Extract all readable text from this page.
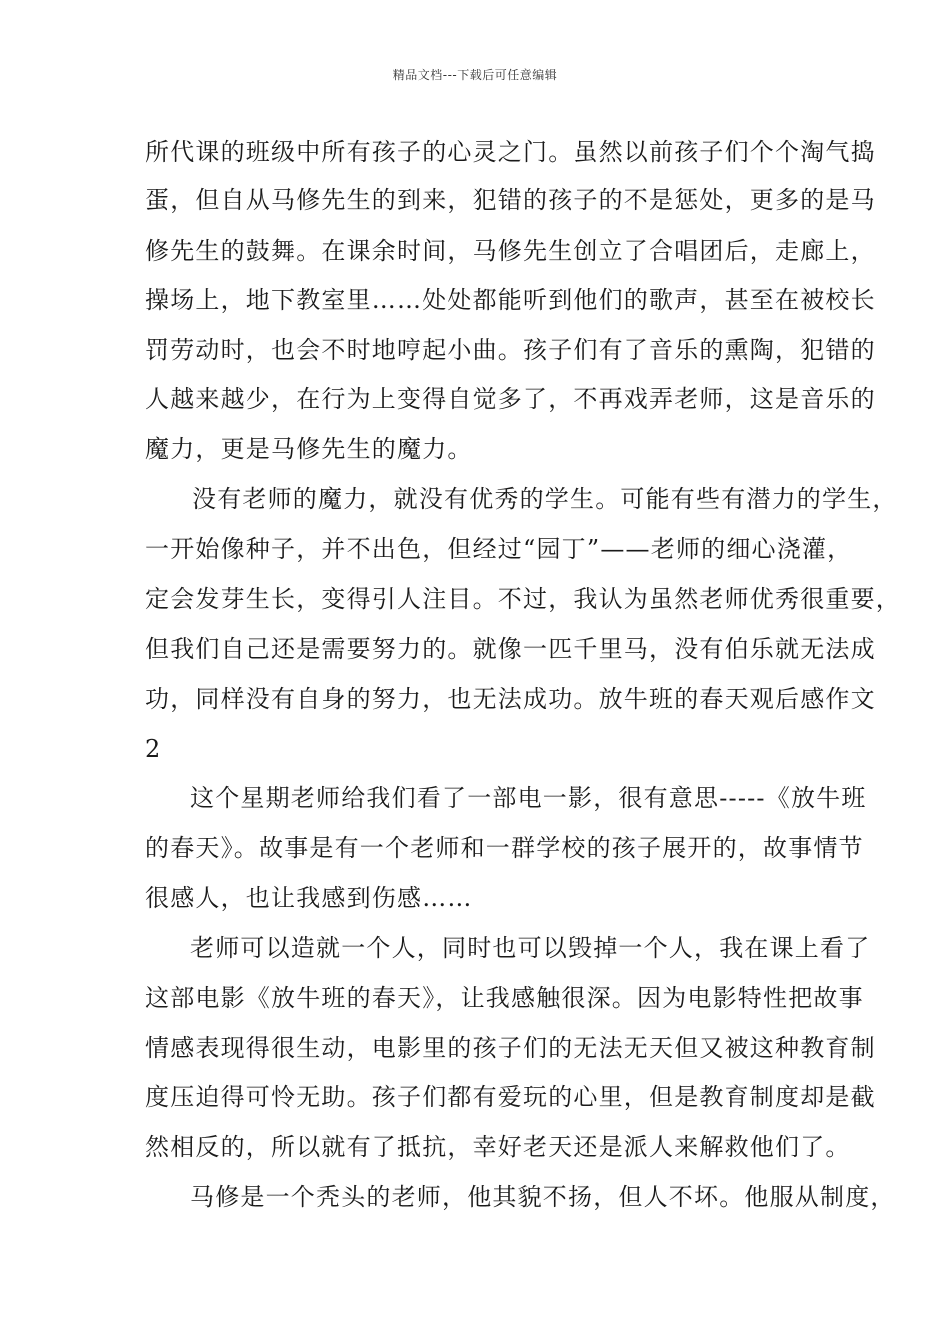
精品文档---下载后可任意编辑
所代课的班级中所有孩子的心灵之门。虽然以前孩子们个个淘气捣
蛋，但自从马修先生的到来，犯错的孩子的不是惩处，更多的是马
修先生的鼓舞。在课余时间，马修先生创立了合唱团后，走廊上，
操场上，地下教室里……处处都能听到他们的歌声，甚至在被校长
罚劳动时，也会不时地哼起小曲。孩子们有了音乐的熏陶，犯错的
人越来越少，在行为上变得自觉多了，不再戏弄老师，这是音乐的
魔力，更是马修先生的魔力。
没有老师的魔力，就没有优秀的学生。可能有些有潜力的学生，
一开始像种子，并不出色，但经过“园丁”——老师的细心浇灌，
定会发芽生长，变得引人注目。不过，我认为虽然老师优秀很重要，
但我们自己还是需要努力的。就像一匹千里马，没有伯乐就无法成
功，同样没有自身的努力，也无法成功。放牛班的春天观后感作文
2
这个星期老师给我们看了一部电一影，很有意思-----《放牛班
的春天》。故事是有一个老师和一群学校的孩子展开的，故事情节
很感人，也让我感到伤感……
老师可以造就一个人，同时也可以毁掉一个人，我在课上看了
这部电影《放牛班的春天》，让我感触很深。因为电影特性把故事
情感表现得很生动，电影里的孩子们的无法无天但又被这种教育制
度压迫得可怜无助。孩子们都有爱玩的心里，但是教育制度却是截
然相反的，所以就有了抵抗，幸好老天还是派人来解救他们了。
马修是一个秃头的老师，他其貌不扬，但人不坏。他服从制度，
